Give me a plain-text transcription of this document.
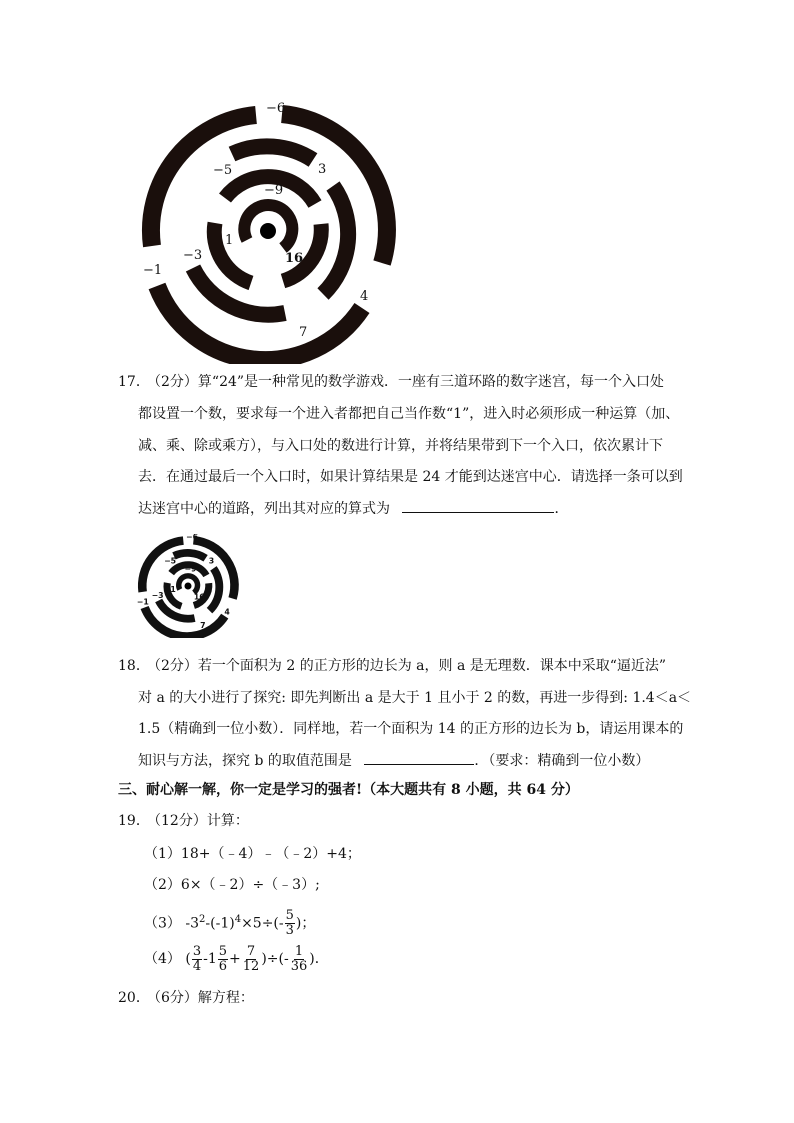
−6
−5	3
−9
1
16
−3
−1
7
4
17．
（2分）算“24”是一种常见的数学游戏．一座有三道环路的数字迷宫，每一个入口处
都设置一个数，要求每一个进入者都把自己当作数“1”，进入时必须形成一种运算（加、
减、乘、除或乘方），与入口处的数进行计算，并将结果带到下一个入口，依次累计下
去．在通过最后一个入口时，如果计算结果是 24 才能到达迷宫中心．请选择一条可以到
达迷宫中心的道路，列出其对应的算式为	．
−6
−5 3
−9
1
16
−3
−1
7
4
18．
（2分）若一个面积为 2 的正方形的边长为 a，则 a 是无理数．课本中采取“逼近法”
对 a 的大小进行了探究: 即先判断出 a 是大于 1 且小于 2 的数，再进一步得到: 1.4＜a＜
1.5（精确到一位小数）．同样地，若一个面积为 14 的正方形的边长为 b，请运用课本的
知识与方法，探究 b 的取值范围是	．（要求：精确到一位小数）
三、耐心解一解，你一定是学习的强者!（本大题共有 8 小题，共 64 分）
19．
（12分）计算：
（1）18+（﹣4）﹣（﹣2）+4；
（2）6×（﹣2）÷（﹣3）;
（3） $-3^2-(-1)^4\times 5\div(- \frac{5}{3}$ )；
（4） ( $\frac{3}{4} -1 \frac{5}{6} + \frac{7}{12}$ )÷(- $\frac{1}{36}$ )．
20．
（6分）解方程：
